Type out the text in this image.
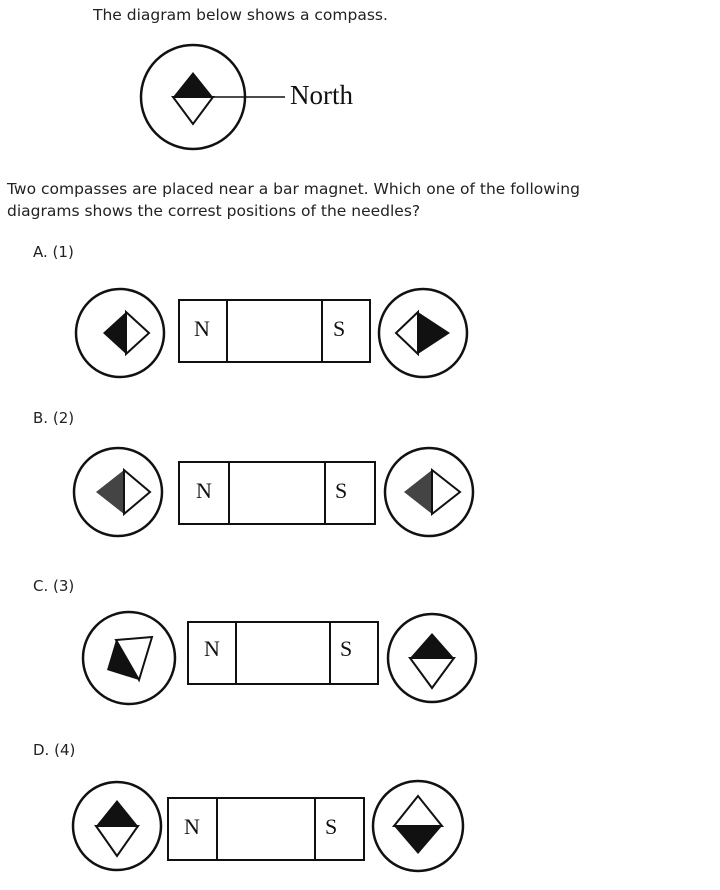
The diagram below shows a compass.
North
Two compasses are placed near a bar magnet. Which one of the following
diagrams shows the correst positions of the needles?
A. (1)
B. (2)
C. (3)
D. (4)
N	S
N	S
N	S
N	S
